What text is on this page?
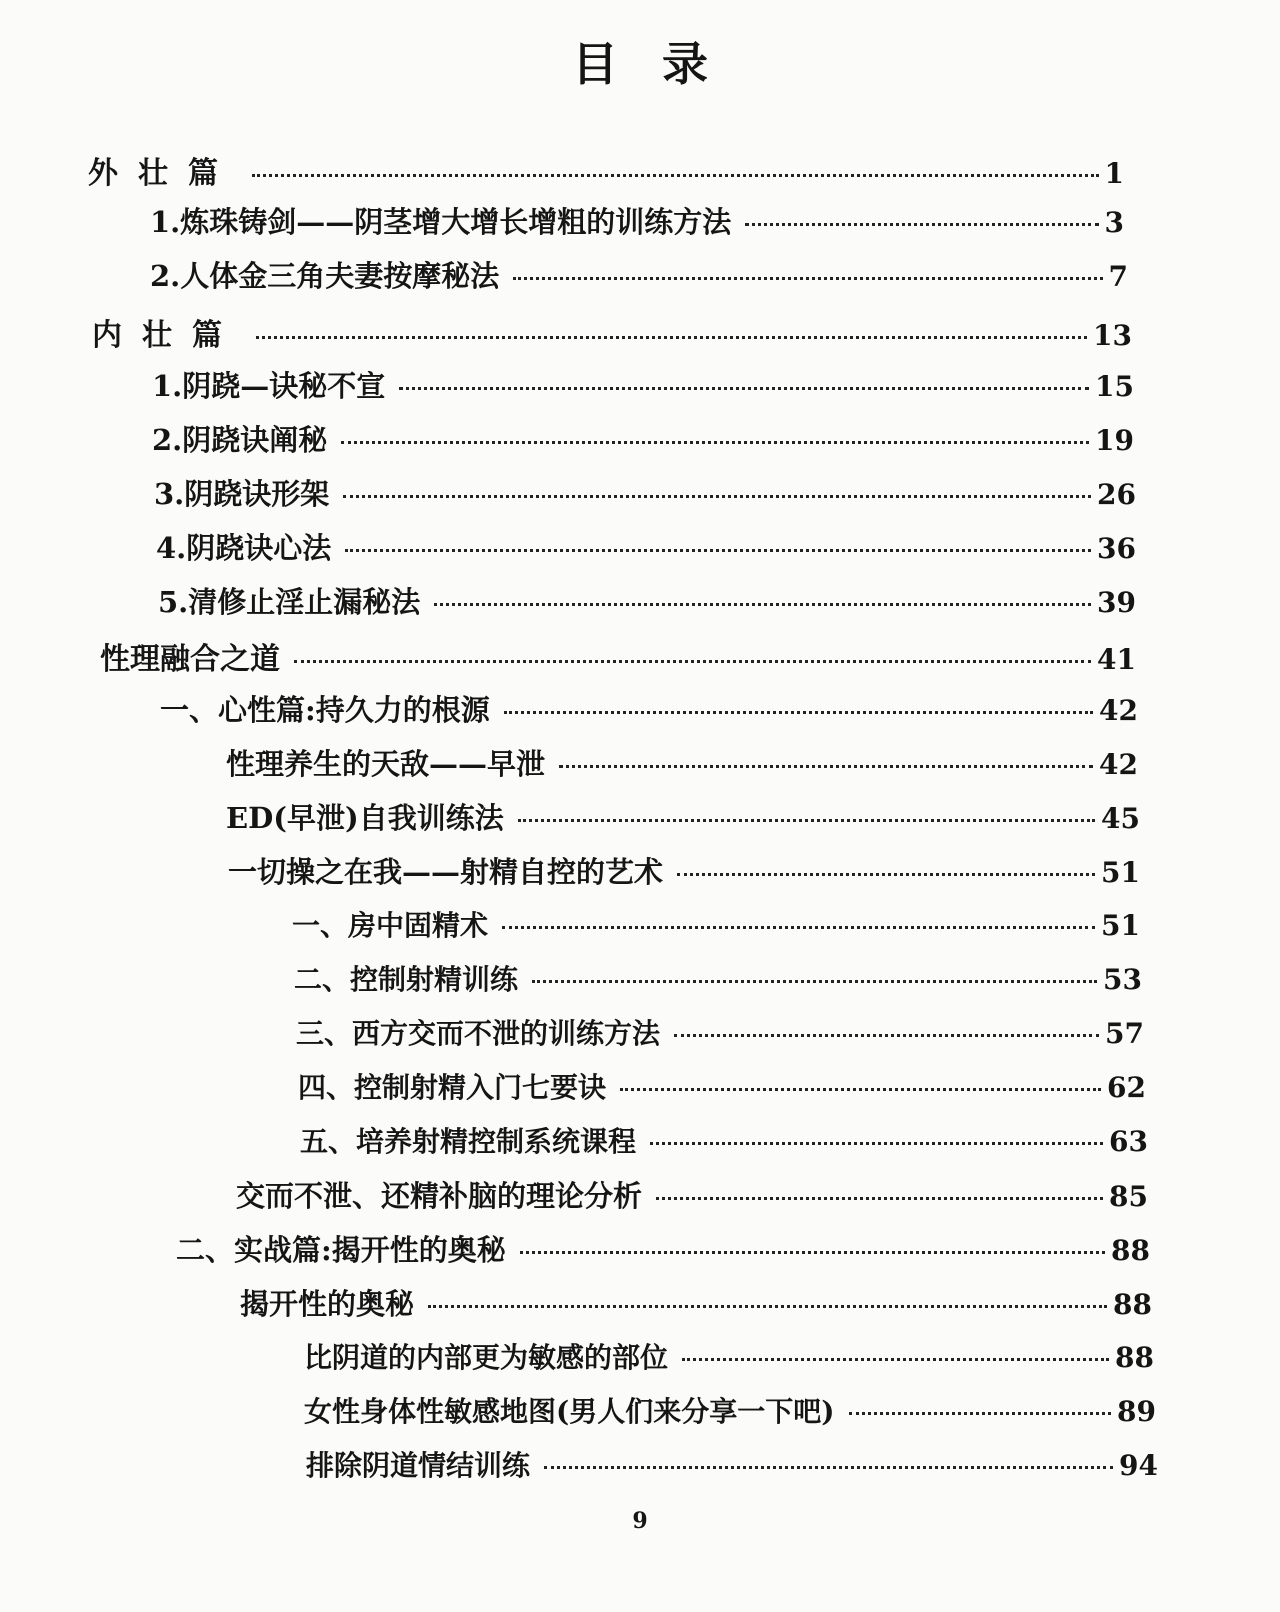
目录
外壮篇	1
1.炼珠铸剑——阴茎增大增长增粗的训练方法	3
2.人体金三角夫妻按摩秘法	7
内壮篇	13
1.阴跷—诀秘不宣	15
2.阴跷诀阐秘	19
3.阴跷诀形架	26
4.阴跷诀心法	36
5.清修止淫止漏秘法	39
性理融合之道	41
一、心性篇:持久力的根源	42
性理养生的天敌——早泄	42
ED(早泄)自我训练法	45
一切操之在我——射精自控的艺术	51
一、房中固精术	51
二、控制射精训练	53
三、西方交而不泄的训练方法	57
四、控制射精入门七要诀	62
五、培养射精控制系统课程	63
交而不泄、还精补脑的理论分析	85
二、实战篇:揭开性的奥秘	88
揭开性的奥秘	88
比阴道的内部更为敏感的部位	88
女性身体性敏感地图(男人们来分享一下吧)	89
排除阴道情结训练	94
9
